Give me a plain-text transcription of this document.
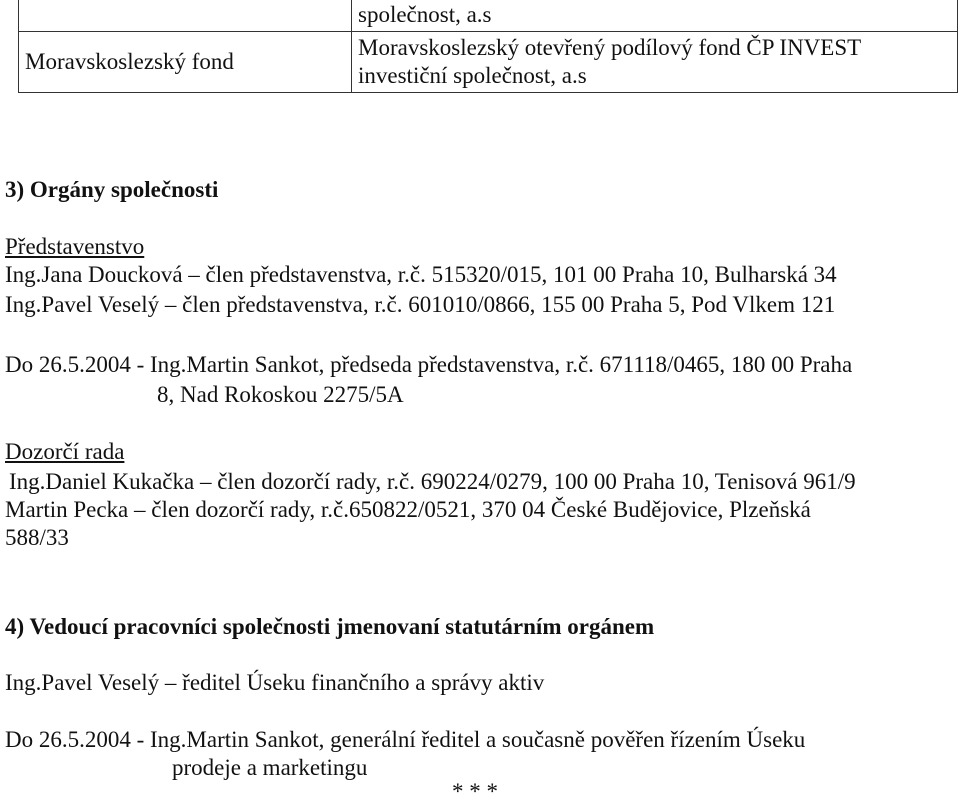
	společnost, a.s
Moravskoslezský fond	Moravskoslezský otevřený podílový fond ČP INVEST
investiční společnost, a.s
3) Orgány společnosti
Představenstvo
Ing.Jana Doucková – člen představenstva, r.č. 515320/015, 101 00 Praha 10, Bulharská 34
Ing.Pavel Veselý – člen představenstva, r.č. 601010/0866, 155 00 Praha 5, Pod Vlkem 121
Do 26.5.2004 - Ing.Martin Sankot, předseda představenstva, r.č. 671118/0465, 180 00 Praha
8, Nad Rokoskou 2275/5A
Dozorčí rada
Ing.Daniel Kukačka – člen dozorčí rady, r.č. 690224/0279, 100 00 Praha 10, Tenisová 961/9
Martin Pecka – člen dozorčí rady, r.č.650822/0521, 370 04 České Budějovice, Plzeňská
588/33
4) Vedoucí pracovníci společnosti jmenovaní statutárním orgánem
Ing.Pavel Veselý – ředitel Úseku finančního a správy aktiv
Do 26.5.2004 - Ing.Martin Sankot, generální ředitel a současně pověřen řízením Úseku
prodeje a marketingu
* * *
